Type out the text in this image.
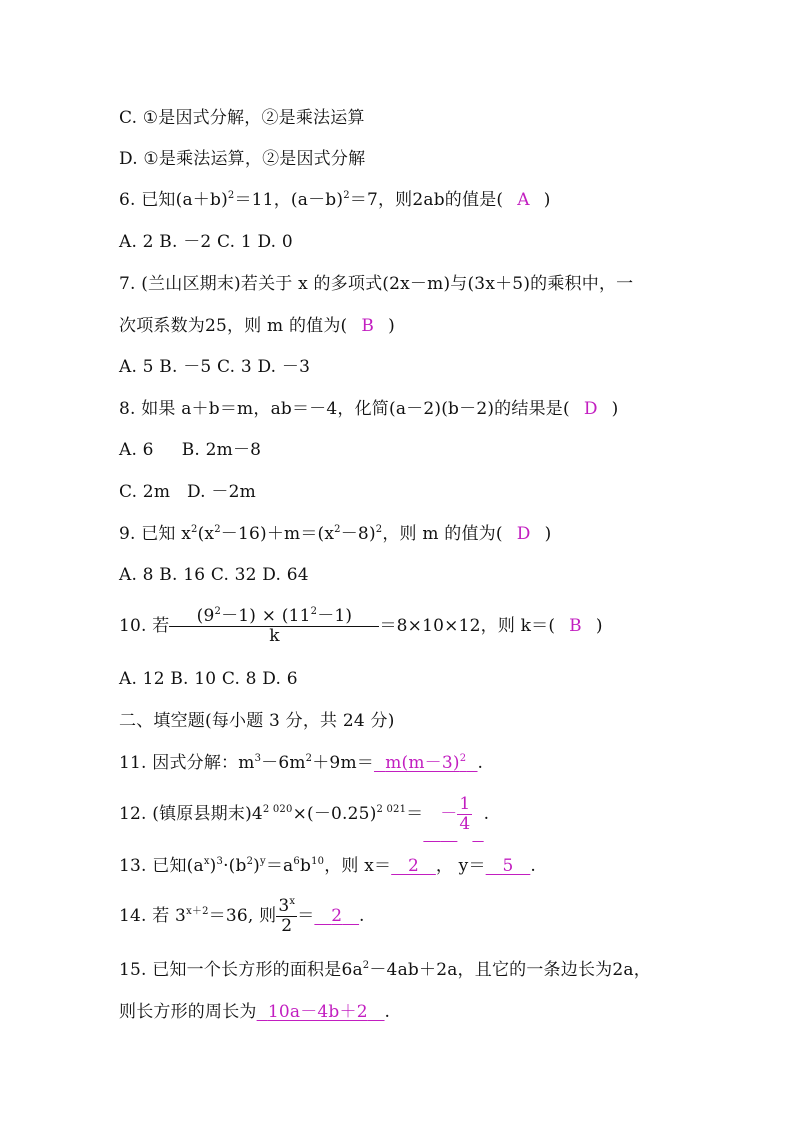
C. ①是因式分解，②是乘法运算
D. ①是乘法运算，②是因式分解
6. 已知$(a+b)^2=11$，$(a-b)^2=7$，则2ab的值是( A )
A. 2 B. －2 C. 1 D. 0
7. (兰山区期末)若关于 x 的多项式(2x－m)与(3x＋5)的乘积中，一
次项系数为25，则 m 的值为( B )
A. 5 B. －5 C. 3 D. －3
8. 如果 a＋b＝m，ab＝－4，化简(a－2)(b－2)的结果是( D )
A. 6     B. 2m－8
C. 2m   D. －2m
9. 已知 $x^2(x^2-16)+m=(x^2-8)^2$，则 m 的值为( D )
A. 8 B. 16 C. 32 D. 64
10. 若 $\frac{(9^2-1) \times (11^2-1)}{k} =8\times 10\times 12$，则 k＝( B )
A. 12 B. 10 C. 8 D. 6
二、填空题(每小题 3 分，共 24 分)
11. 因式分解：$m^3-6m^2+9m= m(m-3)^2$ .
12. (镇原县期末)$4^{2 020}\times(-0.25)^{2 021}= - \frac{1}{4}$ .
13. 已知$(a^x)^3\cdot(b^2)^y=a^6b^{10}$，则 x＝ 2 ， y＝ 5 .
14. 若 $3^{x+2}=36$, 则 $\frac{3^x}{2} = 2$ .
15. 已知一个长方形的面积是$6a^2-4ab+2a$，且它的一条边长为2a，
则长方形的周长为 10a－4b＋2 .
